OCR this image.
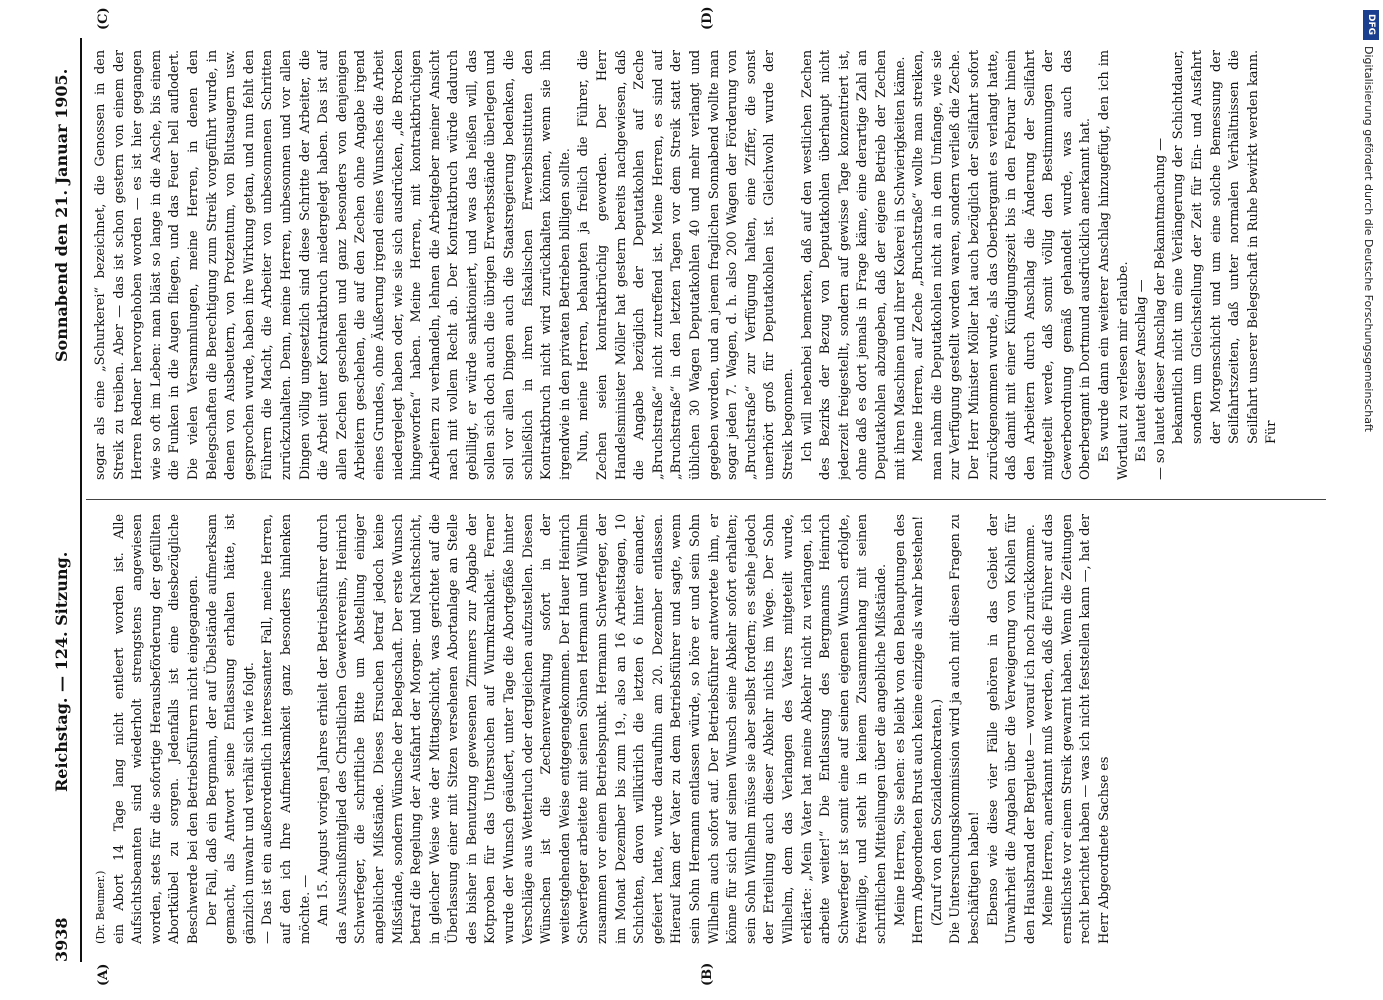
3938
Reichstag. — 124. Sitzung.
Sonnabend den 21. Januar 1905.
(A)	(B)
(C)	(D)

(Dr. Beumer.) ein Abort 14 Tage lang nicht entleert worden ist. Alle Aufsichtsbeamten sind wiederholt strengstens angewiesen worden, stets für die sofortige Herausbeförderung der gefüllten Abortkübel zu sorgen. Jedenfalls ist eine diesbezügliche Beschwerde bei den Betriebsführern nicht eingegangen. Der Fall, daß ein Bergmann, der auf Übelstände aufmerksam gemacht, als Antwort seine Entlassung erhalten hätte, ist gänzlich unwahr und verhält sich wie folgt. — Das ist ein außerordentlich interessanter Fall, meine Herren, auf den ich Ihre Aufmerksamkeit ganz besonders hinlenken möchte. — Am 15. August vorigen Jahres erhielt der Betriebsführer durch das Ausschußmitglied des Christlichen Gewerkvereins, Heinrich Schwerfeger, die schriftliche Bitte um Abstellung einiger angeblicher Mißstände. Dieses Ersuchen betraf jedoch keine Mißstände, sondern Wünsche der Belegschaft. Der erste Wunsch betraf die Regelung der Ausfahrt der Morgen- und Nachtschicht, in gleicher Weise wie der Mittagschicht, was gerichtet auf die Überlassung einer mit Sitzen versehenen Abortanlage an Stelle des bisher in Benutzung gewesenen Zimmers zur Abgabe der Kotproben für das Untersuchen auf Wurmkrankheit. Ferner wurde der Wunsch geäußert, unter Tage die Abortgefäße hinter Verschläge aus Wetterluch oder dergleichen aufzustellen. Diesen Wünschen ist die Zechenverwaltung sofort in der weitestgehenden Weise entgegengekommen. Der Hauer Heinrich Schwerfeger arbeitete mit seinen Söhnen Hermann und Wilhelm zusammen vor einem Betriebspunkt. Hermann Schwerfeger, der im Monat Dezember bis zum 19., also an 16 Arbeitstagen, 10 Schichten, davon willkürlich die letzten 6 hinter einander, gefeiert hatte, wurde daraufhin am 20. Dezember entlassen. Hierauf kam der Vater zu dem Betriebsführer und sagte, wenn sein Sohn Hermann entlassen würde, so höre er und sein Sohn Wilhelm auch sofort auf. Der Betriebsführer antwortete ihm, er könne für sich auf seinen Wunsch seine Abkehr sofort erhalten; sein Sohn Wilhelm müsse sie aber selbst fordern; es stehe jedoch der Erteilung auch dieser Abkehr nichts im Wege. Der Sohn Wilhelm, dem das Verlangen des Vaters mitgeteilt wurde, erklärte: „Mein Vater hat meine Abkehr nicht zu verlangen, ich arbeite weiter!“ Die Entlassung des Bergmanns Heinrich Schwerfeger ist somit eine auf seinen eigenen Wunsch erfolgte, freiwillige, und steht in keinem Zusammenhang mit seinen schriftlichen Mitteilungen über die angebliche Mißstände. Meine Herren, Sie sehen: es bleibt von den Behauptungen des Herrn Abgeordneten Brust auch keine einzige als wahr bestehen! (Zuruf von den Sozialdemokraten.) Die Untersuchungskommission wird ja auch mit diesen Fragen zu beschäftigen haben! Ebenso wie diese vier Fälle gehören in das Gebiet der Unwahrheit die Angaben über die Verweigerung von Kohlen für den Hausbrand der Bergleute — worauf ich noch zurückkomme. Meine Herren, anerkannt muß werden, daß die Führer auf das ernstlichste vor einem Streik gewarnt haben. Wenn die Zeitungen recht berichtet haben — was ich nicht feststellen kann —, hat der Herr Abgeordnete Sachse es

sogar als eine „Schurkerei“ bezeichnet, die Genossen in den Streik zu treiben. Aber — das ist schon gestern von einem der Herren Redner hervorgehoben worden — es ist hier gegangen wie so oft im Leben: man bläst so lange in die Asche, bis einem die Funken in die Augen fliegen, und das Feuer hell auflodert. Die vielen Versammlungen, meine Herren, in denen den Belegschaften die Berechtigung zum Streik vorgeführt wurde, in denen von Ausbeutern, von Protzentum, von Blutsaugern usw. gesprochen wurde, haben ihre Wirkung getan, und nun fehlt den Führern die Macht, die Arbeiter von unbesonnenen Schritten zurückzuhalten. Denn, meine Herren, unbesonnen und vor allen Dingen völlig ungesetzlich sind diese Schritte der Arbeiter, die die Arbeit unter Kontraktbruch niedergelegt haben. Das ist auf allen Zechen geschehen und ganz besonders von denjenigen Arbeitern geschehen, die auf den Zechen ohne Angabe irgend eines Grundes, ohne Äußerung irgend eines Wunsches die Arbeit niedergelegt haben oder, wie sie sich ausdrücken, „die Brocken hingeworfen“ haben. Meine Herren, mit kontraktbrüchigen Arbeitern zu verhandeln, lehnen die Arbeitgeber meiner Ansicht nach mit vollem Recht ab. Der Kontraktbruch würde dadurch gebilligt, er würde sanktioniert, und was das heißen will, das sollen sich doch auch die übrigen Erwerbsstände überlegen und soll vor allen Dingen auch die Staatsregierung bedenken, die schließlich in ihren fiskalischen Erwerbsinstituten den Kontraktbruch nicht wird zurückhalten können, wenn sie ihn irgendwie in den privaten Betrieben billigen sollte. Nun, meine Herren, behaupten ja freilich die Führer, die Zechen seien kontraktbrüchig geworden. Der Herr Handelsminister Möller hat gestern bereits nachgewiesen, daß die Angabe bezüglich der Deputatkohlen auf Zeche „Bruchstraße“ nicht zutreffend ist. Meine Herren, es sind auf „Bruchstraße“ in den letzten Tagen vor dem Streik statt der üblichen 30 Wagen Deputatkohlen 40 und mehr verlangt und gegeben worden, und an jenem fraglichen Sonnabend wollte man sogar jeden 7. Wagen, d. h. also 200 Wagen der Förderung von „Bruchstraße“ zur Verfügung halten, eine Ziffer, die sonst unerhört groß für Deputatkohlen ist. Gleichwohl wurde der Streik begonnen. Ich will nebenbei bemerken, daß auf den westlichen Zechen des Bezirks der Bezug von Deputatkohlen überhaupt nicht jederzeit freigestellt, sondern auf gewisse Tage konzentriert ist, ohne daß es dort jemals in Frage käme, eine derartige Zahl an Deputatkohlen abzugeben, daß der eigene Betrieb der Zechen mit ihren Maschinen und ihrer Kokerei in Schwierigkeiten käme. Meine Herren, auf Zeche „Bruchstraße“ wollte man streiken, man nahm die Deputatkohlen nicht an in dem Umfange, wie sie zur Verfügung gestellt worden waren, sondern verließ die Zeche. Der Herr Minister Möller hat auch bezüglich der Seilfahrt sofort zurückgenommen wurde, als das Oberbergamt es verlangt hatte, daß damit mit einer Kündigungszeit bis in den Februar hinein den Arbeitern durch Anschlag die Änderung der Seilfahrt mitgeteilt werde, daß somit völlig den Bestimmungen der Gewerbeordnung gemäß gehandelt wurde, was auch das Oberbergamt in Dortmund ausdrücklich anerkannt hat. Es wurde dann ein weiterer Anschlag hinzugefügt, den ich im Wortlaut zu verlesen mir erlaube. Es lautet dieser Anschlag — — so lautet dieser Anschlag der Bekanntmachung — bekanntlich nicht um eine Verlängerung der Schichtdauer, sondern um Gleichstellung der Zeit für Ein- und Ausfahrt der Morgenschicht und um eine solche Bemessung der Seilfahrtszeiten, daß unter normalen Verhältnissen die Seilfahrt unserer Belegschaft in Ruhe bewirkt werden kann. Für

DFG
Digitalisierung gefördert durch die Deutsche Forschungsgemeinschaft
